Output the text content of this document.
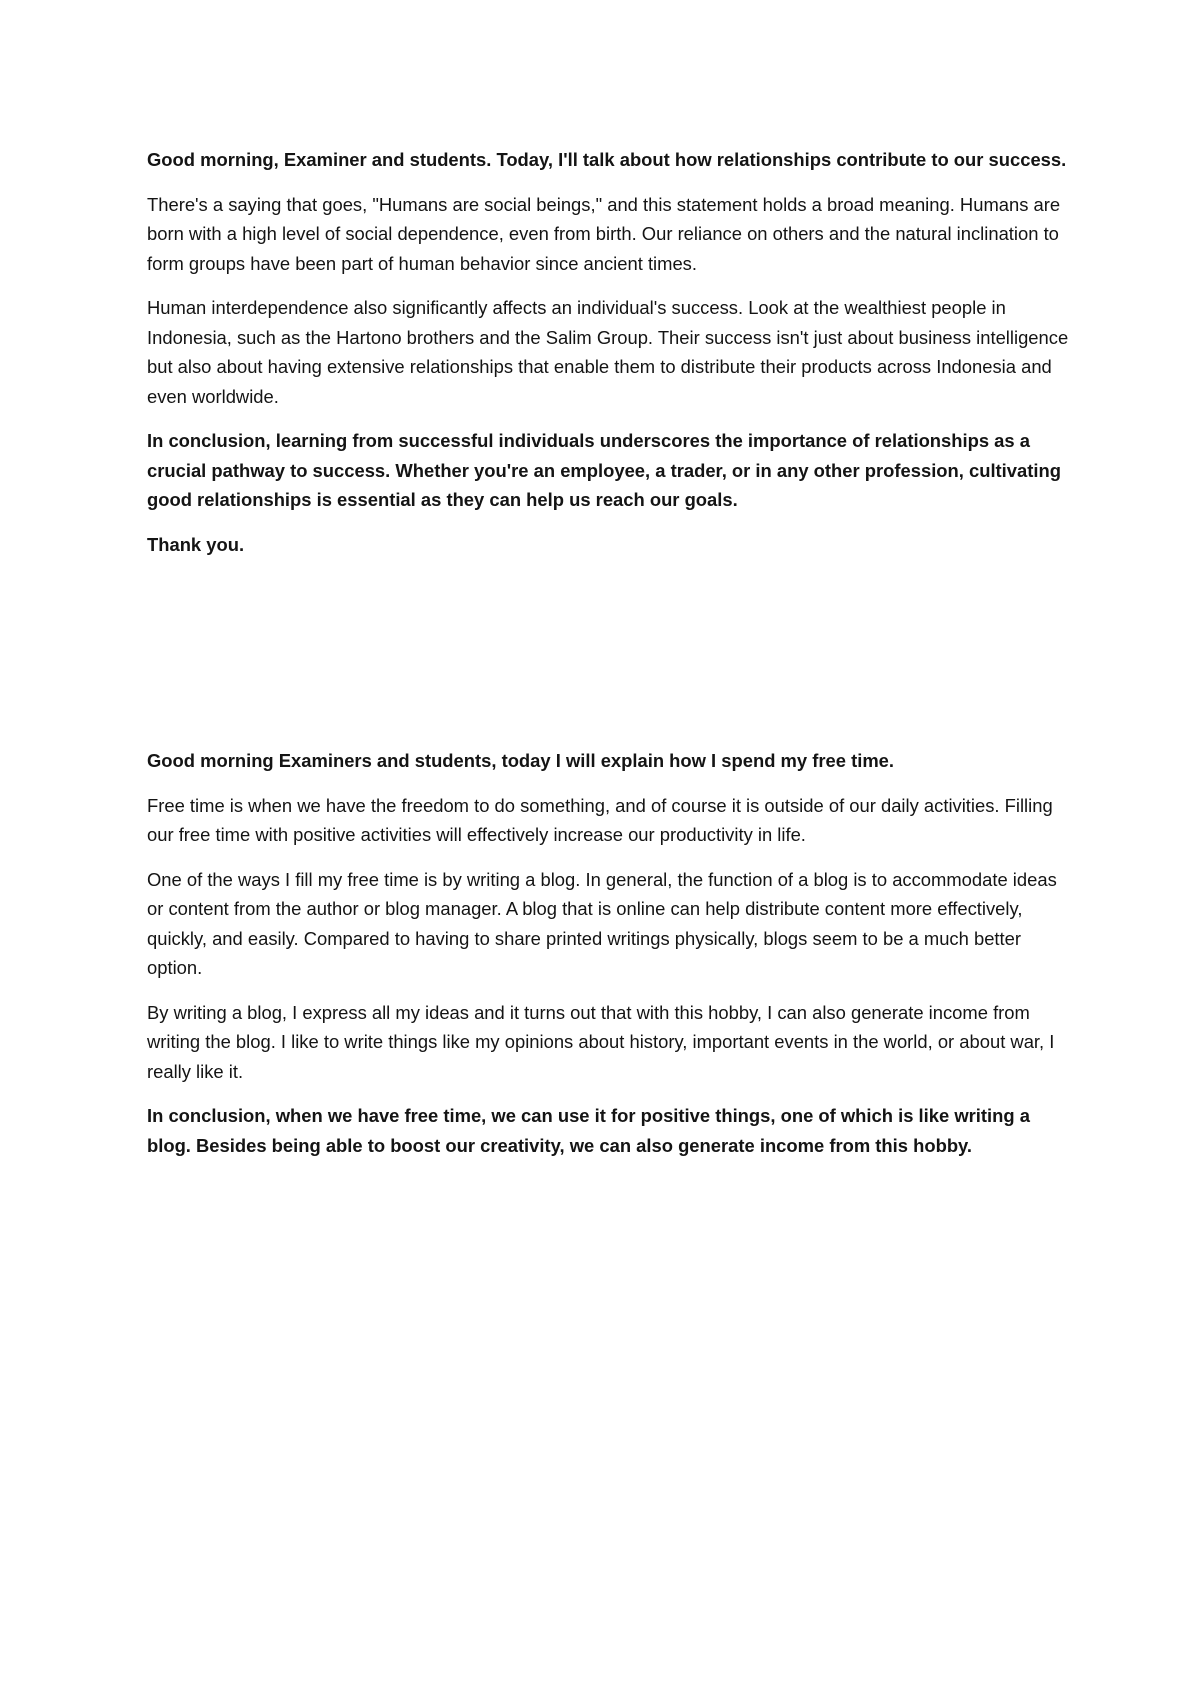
Good morning, Examiner and students. Today, I'll talk about how relationships contribute to our success.

There's a saying that goes, "Humans are social beings," and this statement holds a broad meaning. Humans are born with a high level of social dependence, even from birth. Our reliance on others and the natural inclination to form groups have been part of human behavior since ancient times.

Human interdependence also significantly affects an individual's success. Look at the wealthiest people in Indonesia, such as the Hartono brothers and the Salim Group. Their success isn't just about business intelligence but also about having extensive relationships that enable them to distribute their products across Indonesia and even worldwide.

In conclusion, learning from successful individuals underscores the importance of relationships as a crucial pathway to success. Whether you're an employee, a trader, or in any other profession, cultivating good relationships is essential as they can help us reach our goals.

Thank you.

Good morning Examiners and students, today I will explain how I spend my free time.

Free time is when we have the freedom to do something, and of course it is outside of our daily activities. Filling our free time with positive activities will effectively increase our productivity in life.

One of the ways I fill my free time is by writing a blog. In general, the function of a blog is to accommodate ideas or content from the author or blog manager. A blog that is online can help distribute content more effectively, quickly, and easily. Compared to having to share printed writings physically, blogs seem to be a much better option.

By writing a blog, I express all my ideas and it turns out that with this hobby, I can also generate income from writing the blog. I like to write things like my opinions about history, important events in the world, or about war, I really like it.

In conclusion, when we have free time, we can use it for positive things, one of which is like writing a blog. Besides being able to boost our creativity, we can also generate income from this hobby.
